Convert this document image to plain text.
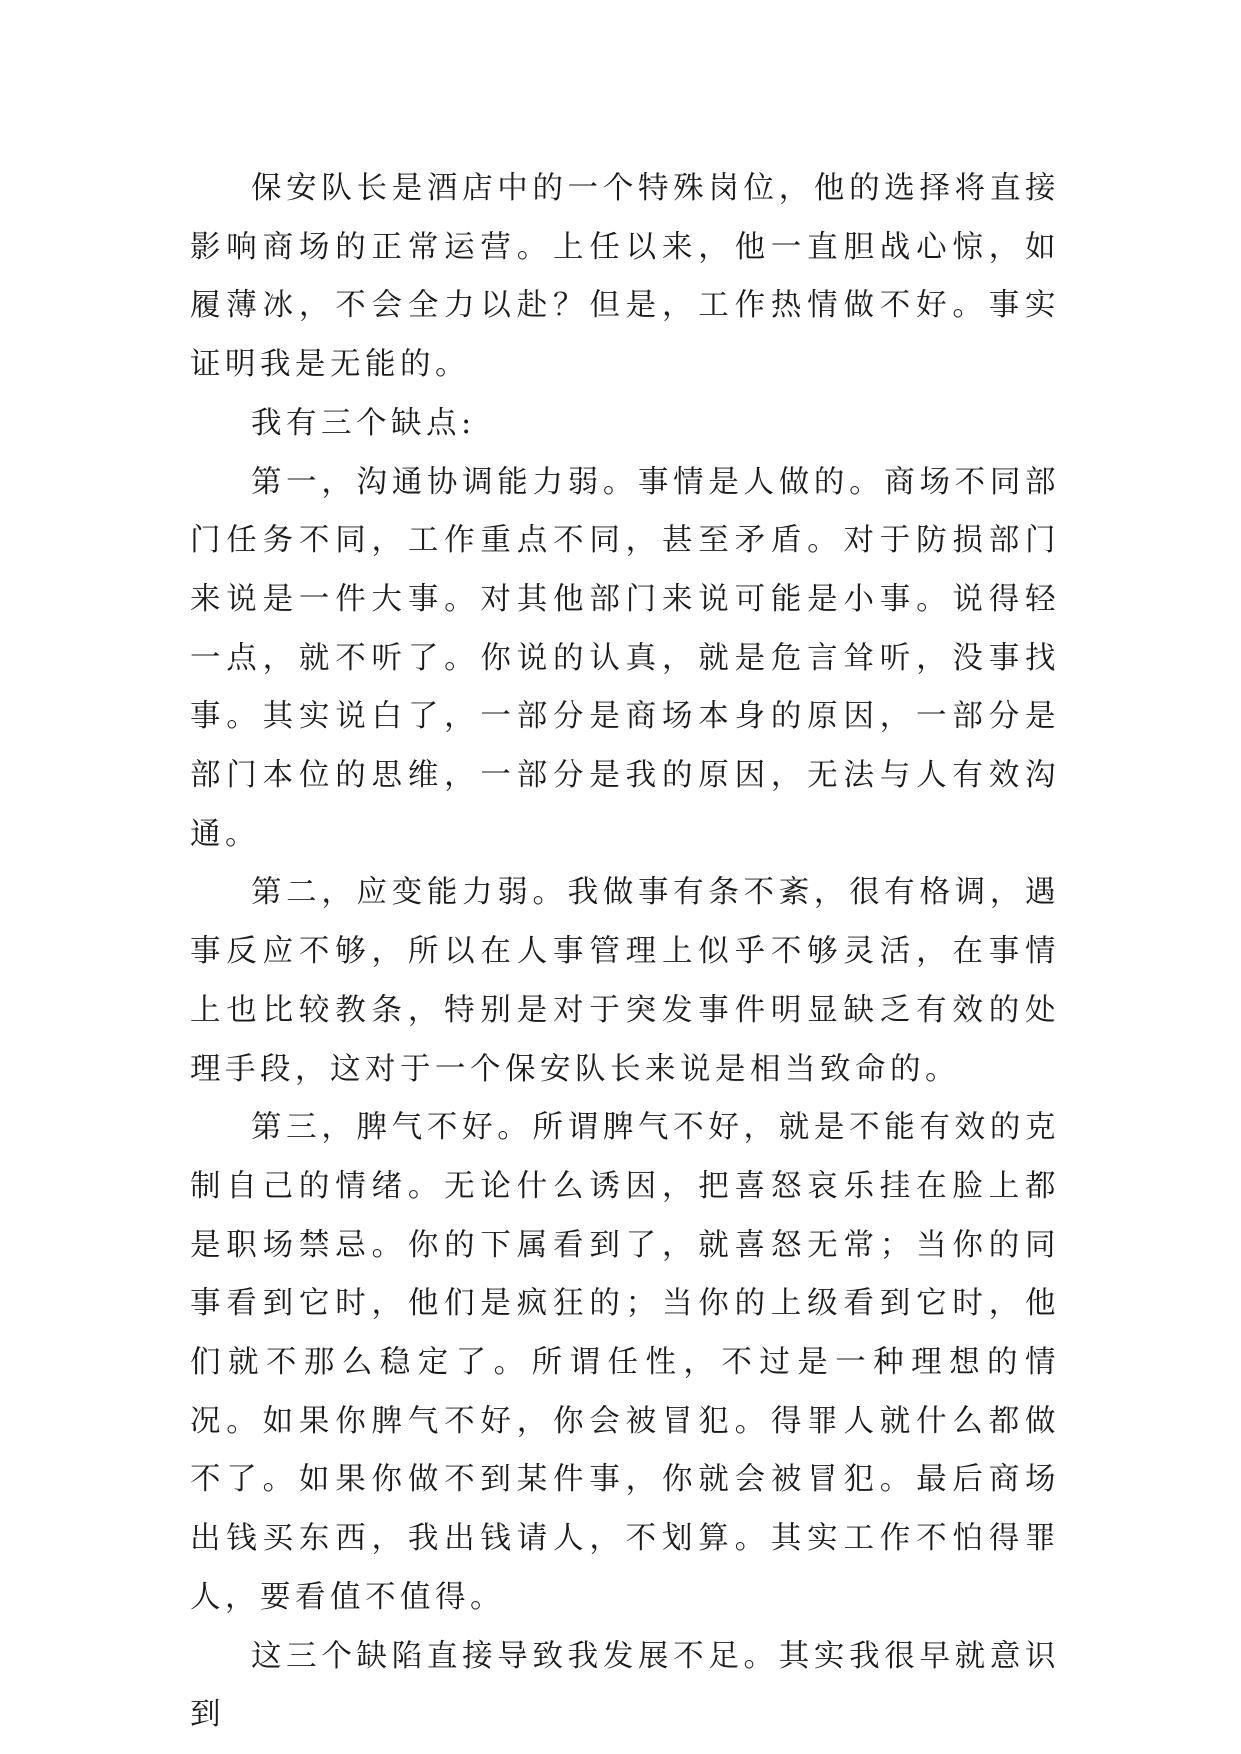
保安队长是酒店中的一个特殊岗位，他的选择将直接影响商场的正常运营。上任以来，他一直胆战心惊，如履薄冰，不会全力以赴？但是，工作热情做不好。事实证明我是无能的。

我有三个缺点:

第一，沟通协调能力弱。事情是人做的。商场不同部门任务不同，工作重点不同，甚至矛盾。对于防损部门来说是一件大事。对其他部门来说可能是小事。说得轻一点，就不听了。你说的认真，就是危言耸听，没事找事。其实说白了，一部分是商场本身的原因，一部分是部门本位的思维，一部分是我的原因，无法与人有效沟通。

第二，应变能力弱。我做事有条不紊，很有格调，遇事反应不够，所以在人事管理上似乎不够灵活，在事情上也比较教条，特别是对于突发事件明显缺乏有效的处理手段，这对于一个保安队长来说是相当致命的。

第三，脾气不好。所谓脾气不好，就是不能有效的克制自己的情绪。无论什么诱因，把喜怒哀乐挂在脸上都是职场禁忌。你的下属看到了，就喜怒无常；当你的同事看到它时，他们是疯狂的；当你的上级看到它时，他们就不那么稳定了。所谓任性，不过是一种理想的情况。如果你脾气不好，你会被冒犯。得罪人就什么都做不了。如果你做不到某件事，你就会被冒犯。最后商场出钱买东西，我出钱请人，不划算。其实工作不怕得罪人，要看值不值得。

这三个缺陷直接导致我发展不足。其实我很早就意识到
